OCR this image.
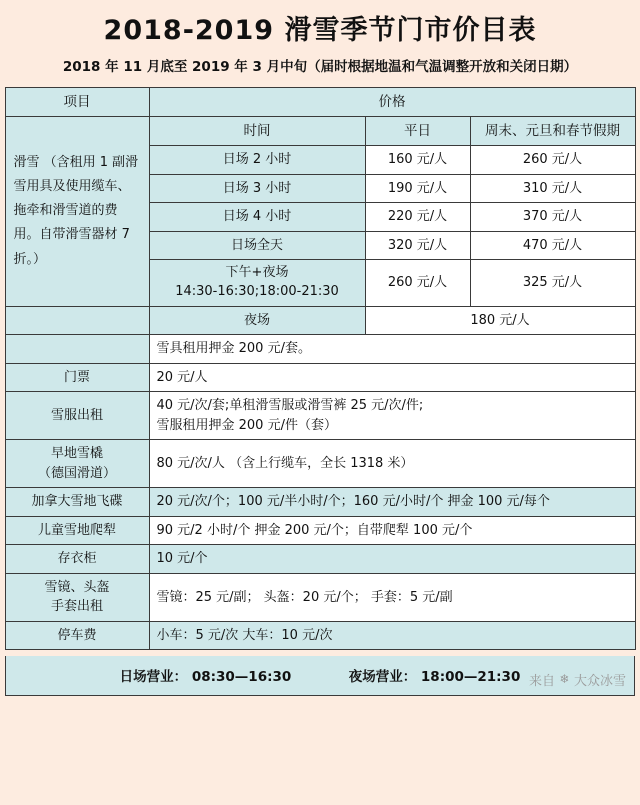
2018-2019 滑雪季节门市价目表
2018 年 11 月底至 2019 年 3 月中旬（届时根据地温和气温调整开放和关闭日期）
项目	价格		
滑雪 （含租用 1 副滑雪用具及使用缆车、拖牵和滑雪道的费用。自带滑雪器材 7 折。）	时间	平日	周末、元旦和春节假期
	日场 2 小时	160 元/人	260 元/人
	日场 3 小时	190 元/人	310 元/人
	日场 4 小时	220 元/人	370 元/人
	日场全天	320 元/人	470 元/人

	下午+夜场
14:30-16:30;18:00-21:30	260 元/人	325 元/人
	夜场	180 元/人	
	雪具租用押金 200 元/套。		
门票	20 元/人		
雪服出租	40 元/次/套;单租滑雪服或滑雪裤 25 元/次/件;
雪服租用押金 200 元/件（套）		

早地雪橇
（德国滑道）	80 元/次/人 （含上行缆车，全长 1318 米）		
加拿大雪地飞碟	20 元/次/个；100 元/半小时/个；160 元/小时/个 押金 100 元/每个		
儿童雪地爬犁	90 元/2 小时/个 押金 200 元/个；自带爬犁 100 元/个		
存衣柜	10 元/个		

雪镜、头盔
手套出租	雪镜：25 元/副； 头盔：20 元/个； 手套：5 元/副		
停车费	小车：5 元/次 大车：10 元/次		
日场营业： 08:30—16:30	夜场营业： 18:00—21:30 来自 ❄ 大众冰雪
